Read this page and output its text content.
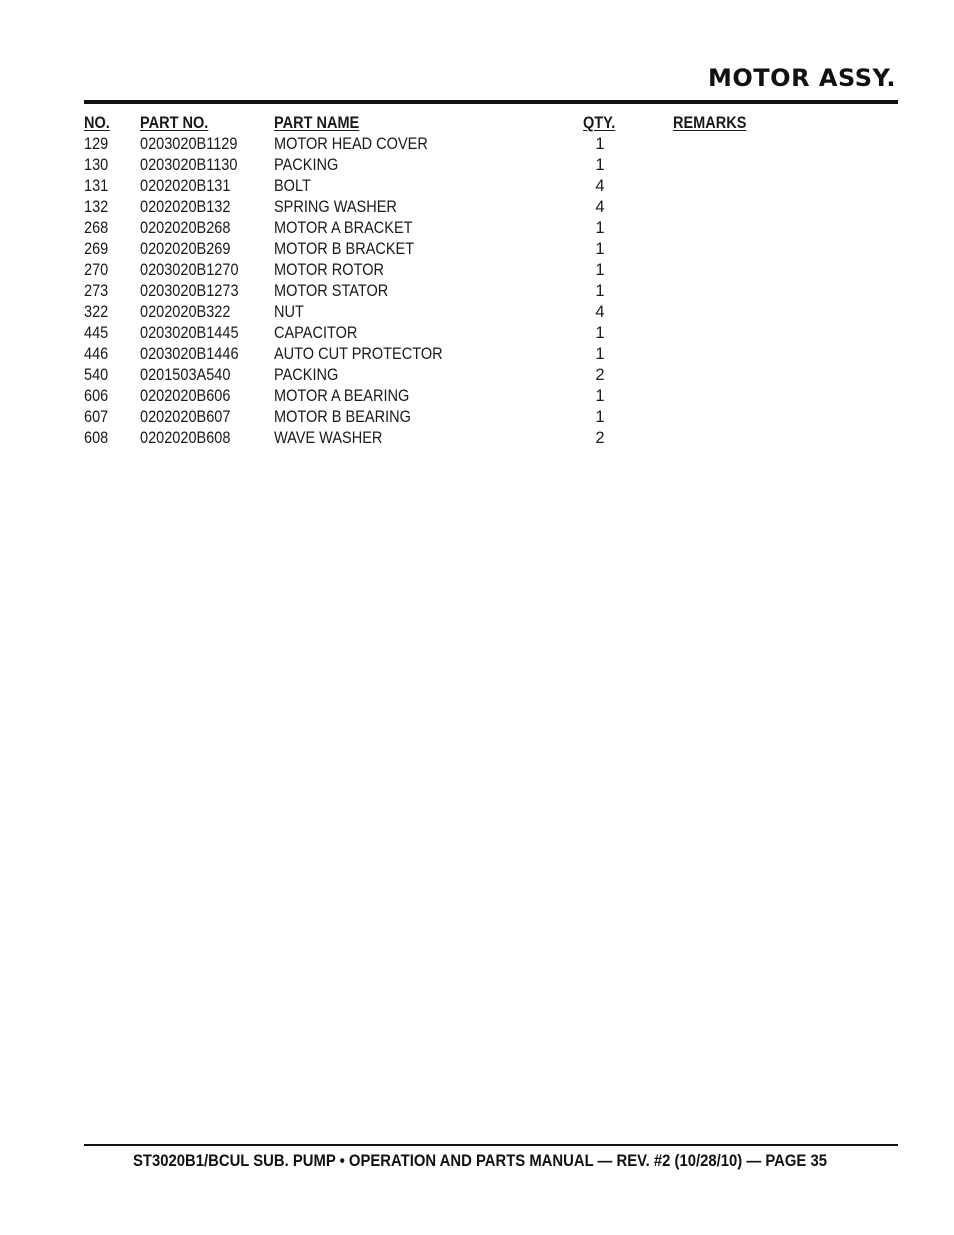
MOTOR ASSY.
NO. PART NO.	PART NAME	QTY.	REMARKS
129 0203020B1129 MOTOR HEAD COVER	1
130 0203020B1130 PACKING	1
131 0202020B131	BOLT	4
132 0202020B132	SPRING WASHER	4
268 0202020B268	MOTOR A BRACKET	1
269 0202020B269	MOTOR B BRACKET	1
270 0203020B1270 MOTOR ROTOR	1
273 0203020B1273 MOTOR STATOR	1
322 0202020B322	NUT	4
445 0203020B1445 CAPACITOR	1
446 0203020B1446 AUTO CUT PROTECTOR	1
540 0201503A540	PACKING	2
606 0202020B606	MOTOR A BEARING	1
607 0202020B607	MOTOR B BEARING	1
608 0202020B608	WAVE WASHER	2
ST3020B1/BCUL SUB. PUMP • OPERATION AND PARTS MANUAL — REV. #2 (10/28/10) — PAGE 35
